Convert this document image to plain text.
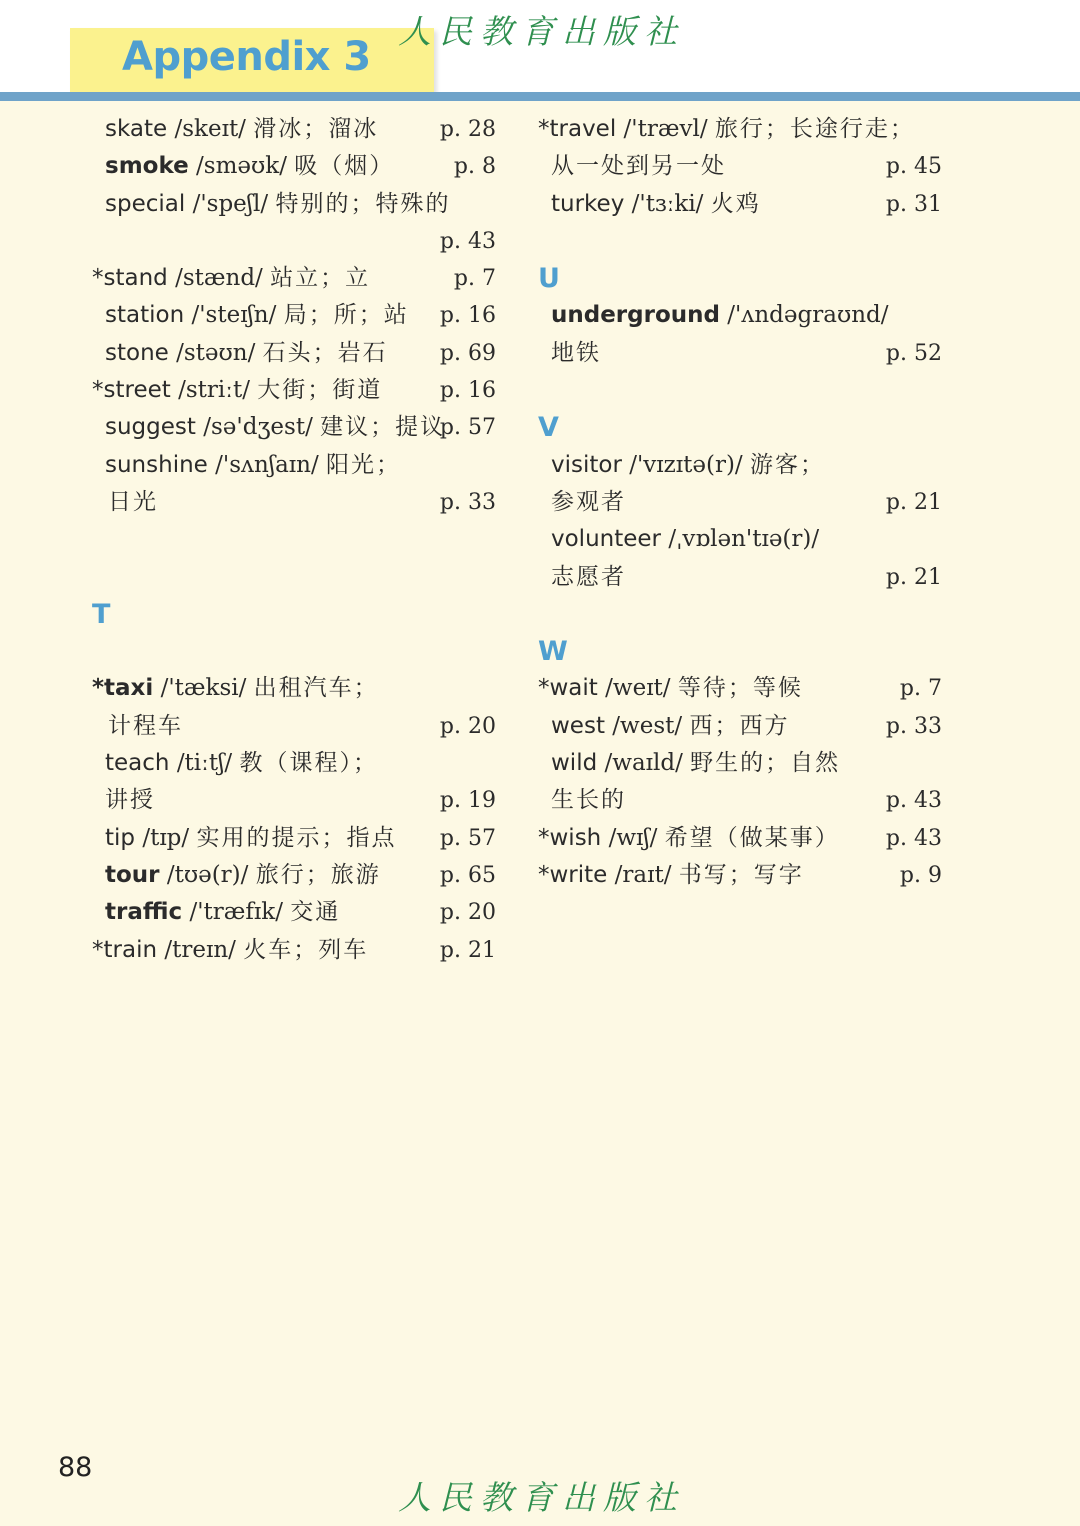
Appendix 3
人民教育出版社
skate /skeɪt/ 滑冰；溜冰	p. 28
smoke /sməʊk/ 吸（烟）	p. 8
special /'speʃl/ 特别的；特殊的
p. 43
*stand /stænd/ 站立；立	p. 7
station /'steɪʃn/ 局；所；站 p. 16
stone /stəʊn/ 石头；岩石 p. 69
*street /striːt/ 大街；街道	p. 16
suggest /sə'dʒest/ 建议；提议
p. 57
sunshine /'sʌnʃaɪn/ 阳光；
日光	p. 33
T
*taxi /'tæksi/ 出租汽车；
计程车	p. 20
teach /tiːtʃ/ 教（课程）；
讲授	p. 19
tip /tɪp/ 实用的提示；指点 p. 57
tour /tʊə(r)/ 旅行；旅游	p. 65
traffic /'træfɪk/ 交通	p. 20
*train /treɪn/ 火车；列车	p. 21
*travel /'trævl/ 旅行；长途行走；
从一处到另一处	p. 45
turkey /'tɜːki/ 火鸡	p. 31
U
underground /'ʌndəgraʊnd/
地铁	p. 52
V
visitor /'vɪzɪtə(r)/ 游客；
参观者	p. 21
volunteer /ˌvɒlən'tɪə(r)/
志愿者	p. 21
W
*wait /weɪt/ 等待；等候	p. 7
west /west/ 西；西方	p. 33
wild /waɪld/ 野生的；自然
生长的	p. 43
*wish /wɪʃ/ 希望（做某事） p. 43
*write /raɪt/ 书写；写字	p. 9
88
人民教育出版社
